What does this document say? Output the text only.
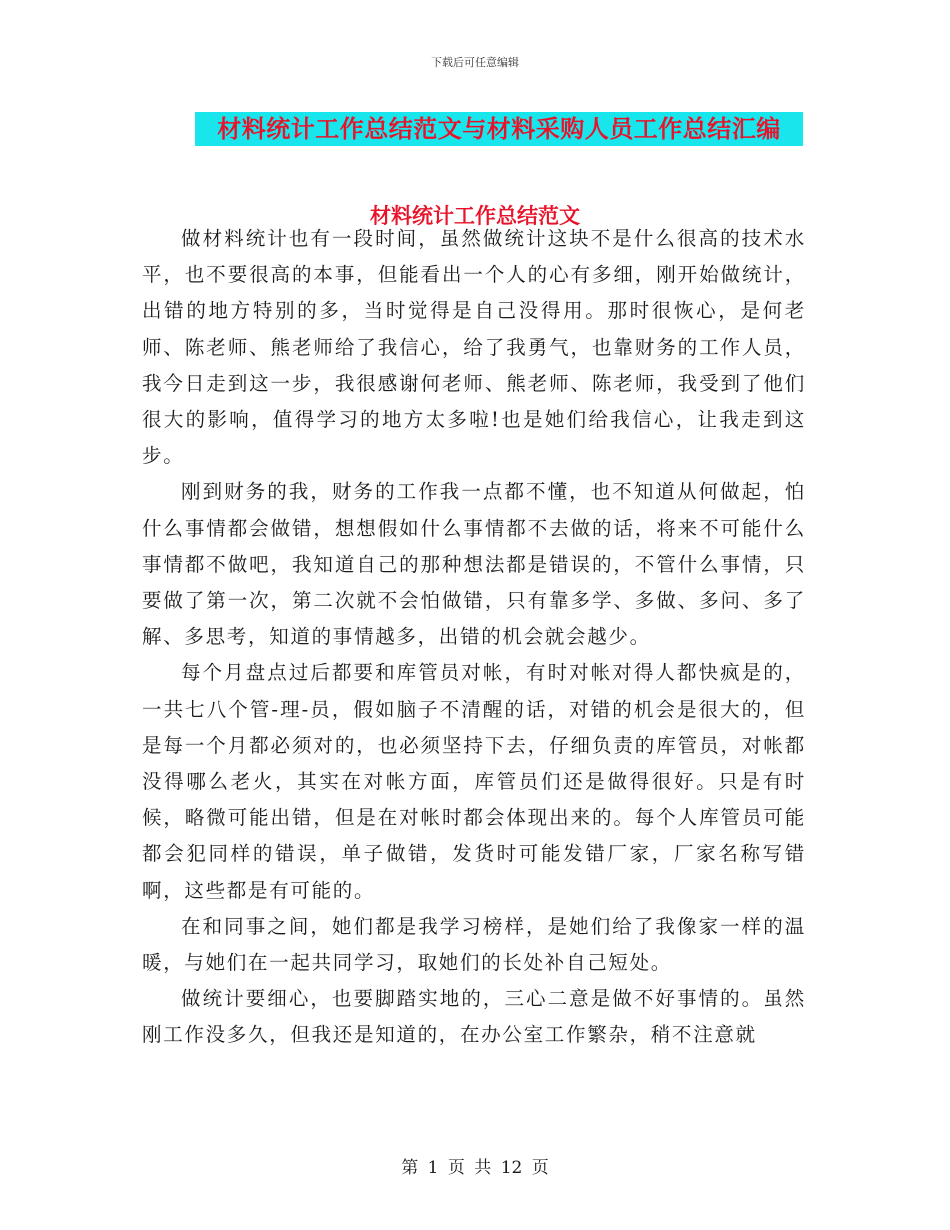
下载后可任意编辑
材料统计工作总结范文与材料采购人员工作总结汇编
材料统计工作总结范文

做材料统计也有一段时间，虽然做统计这块不是什么很高的技术水平，也不要很高的本事，但能看出一个人的心有多细，刚开始做统计，出错的地方特别的多，当时觉得是自己没得用。那时很恢心，是何老师、陈老师、熊老师给了我信心，给了我勇气，也靠财务的工作人员，我今日走到这一步，我很感谢何老师、熊老师、陈老师，我受到了他们很大的影响，值得学习的地方太多啦!也是她们给我信心，让我走到这步。

刚到财务的我，财务的工作我一点都不懂，也不知道从何做起，怕什么事情都会做错，想想假如什么事情都不去做的话，将来不可能什么事情都不做吧，我知道自己的那种想法都是错误的，不管什么事情，只要做了第一次，第二次就不会怕做错，只有靠多学、多做、多问、多了解、多思考，知道的事情越多，出错的机会就会越少。

每个月盘点过后都要和库管员对帐，有时对帐对得人都快疯是的，一共七八个管-理-员，假如脑子不清醒的话，对错的机会是很大的，但是每一个月都必须对的，也必须坚持下去，仔细负责的库管员，对帐都没得哪么老火，其实在对帐方面，库管员们还是做得很好。只是有时候，略微可能出错，但是在对帐时都会体现出来的。每个人库管员可能都会犯同样的错误，单子做错，发货时可能发错厂家，厂家名称写错啊，这些都是有可能的。

在和同事之间，她们都是我学习榜样，是她们给了我像家一样的温暖，与她们在一起共同学习，取她们的长处补自己短处。

做统计要细心，也要脚踏实地的，三心二意是做不好事情的。虽然刚工作没多久，但我还是知道的，在办公室工作繁杂，稍不注意就

第 1 页 共 12 页
